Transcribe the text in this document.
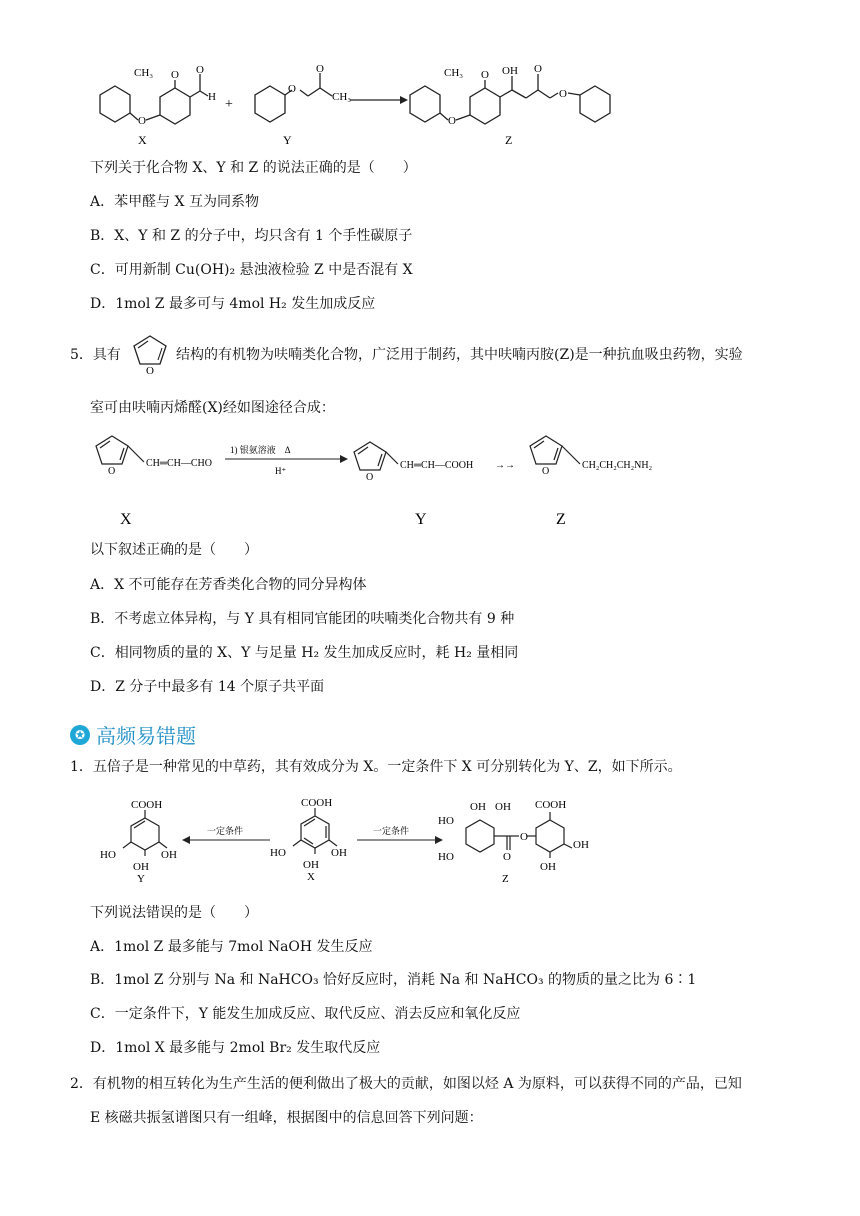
O
O
CH₃	O
H
X
+
O
O
CH₃
Y
O
O
CH₃	OH O
O
Z
下列关于化合物 X、Y 和 Z 的说法正确的是（　　）
A．苯甲醛与 X 互为同系物
B．X、Y 和 Z 的分子中，均只含有 1 个手性碳原子
C．可用新制 Cu(OH)₂ 悬浊液检验 Z 中是否混有 X
D．1mol Z 最多可与 4mol H₂ 发生加成反应
5．具有
O
结构的有机物为呋喃类化合物，广泛用于制药，其中呋喃丙胺(Z)是一种抗血吸虫药物，实验
室可由呋喃丙烯醛(X)经如图途径合成：
O
CH═CH—CHO
X
1) 银氨溶液　Δ
H⁺
O
CH═CH—COOH
Y
→→
O
CH₂CH₂CH₂NH₂
Z
以下叙述正确的是（　　）
A．X 不可能存在芳香类化合物的同分异构体
B．不考虑立体异构，与 Y 具有相同官能团的呋喃类化合物共有 9 种
C．相同物质的量的 X、Y 与足量 H₂ 发生加成反应时，耗 H₂ 量相同
D．Z 分子中最多有 14 个原子共平面
✪ 高频易错题
1．五倍子是一种常见的中草药，其有效成分为 X。一定条件下 X 可分别转化为 Y、Z，如下所示。
COOH
HO	OH
OH
Y
一定条件
COOH
HO	OH
OH
X
一定条件
OH OH
HO
HO
O
O
COOH
OH
OH
Z
下列说法错误的是（　　）
A．1mol Z 最多能与 7mol NaOH 发生反应
B．1mol Z 分别与 Na 和 NaHCO₃ 恰好反应时，消耗 Na 和 NaHCO₃ 的物质的量之比为 6∶1
C．一定条件下，Y 能发生加成反应、取代反应、消去反应和氧化反应
D．1mol X 最多能与 2mol Br₂ 发生取代反应
2．有机物的相互转化为生产生活的便利做出了极大的贡献，如图以烃 A 为原料，可以获得不同的产品，已知
E 核磁共振氢谱图只有一组峰，根据图中的信息回答下列问题：
